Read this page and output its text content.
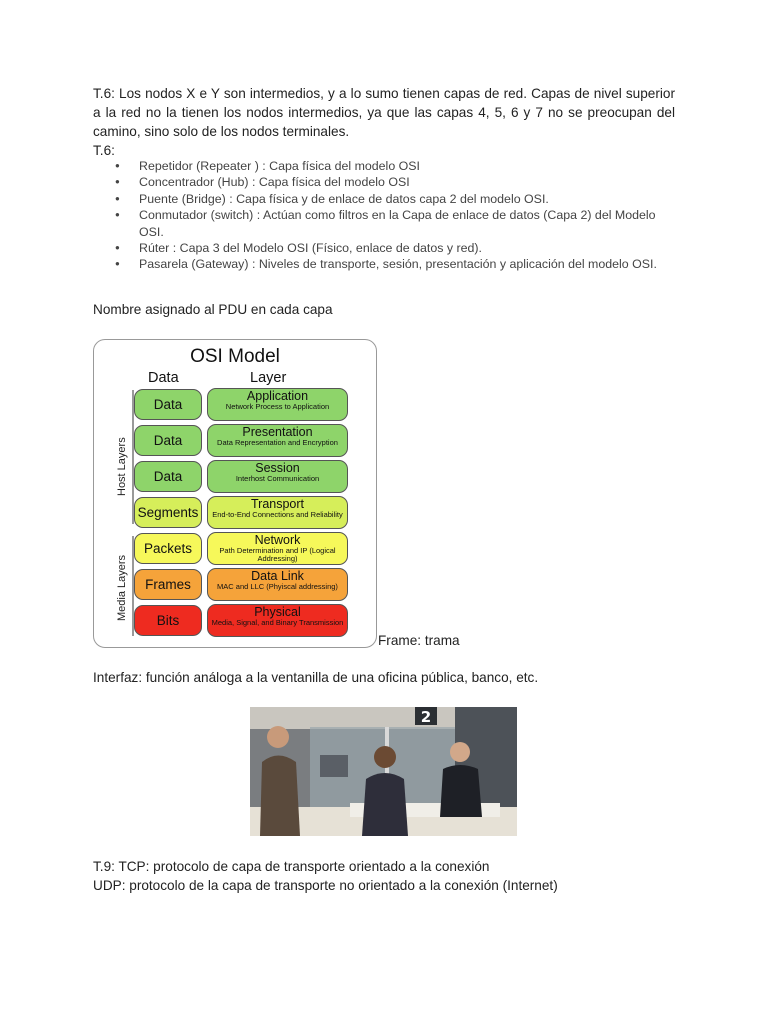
T.6: Los nodos X e Y son intermedios, y a lo sumo tienen capas de red. Capas de nivel superior a la red no la tienen los nodos intermedios, ya que las capas 4, 5, 6 y 7 no se preocupan del camino, sino solo de los nodos terminales.

T.6:

● Repetidor (Repeater ) : Capa física del modelo OSI
● Concentrador (Hub) : Capa física del modelo OSI
● Puente (Bridge) : Capa física y de enlace de datos capa 2 del modelo OSI.
● Conmutador (switch) : Actúan como filtros en la Capa de enlace de datos (Capa 2) del Modelo OSI.
● Rúter : Capa 3 del Modelo OSI (Físico, enlace de datos y red).
● Pasarela (Gateway) : Niveles de transporte, sesión, presentación y aplicación del modelo OSI.

Nombre asignado al PDU en cada capa

OSI Model
Data	Layer
Host Layers
Media Layers
Data
Application
Network Process to Application
Data
Presentation
Data Representation and Encryption
Data
Session
Interhost Communication
Segments
Transport
End-to-End Connections and Reliability
Packets
Network
Path Determination and IP (Logical Addressing)
Frames
Data Link
MAC and LLC (Phyiscal addressing)
Bits
Physical
Media, Signal, and Binary Transmission

Frame: trama

Interfaz: función análoga a la ventanilla de una oficina pública, banco, etc.

2

T.9: TCP: protocolo de capa de transporte orientado a la conexión

UDP: protocolo de la capa de transporte no orientado a la conexión (Internet)
